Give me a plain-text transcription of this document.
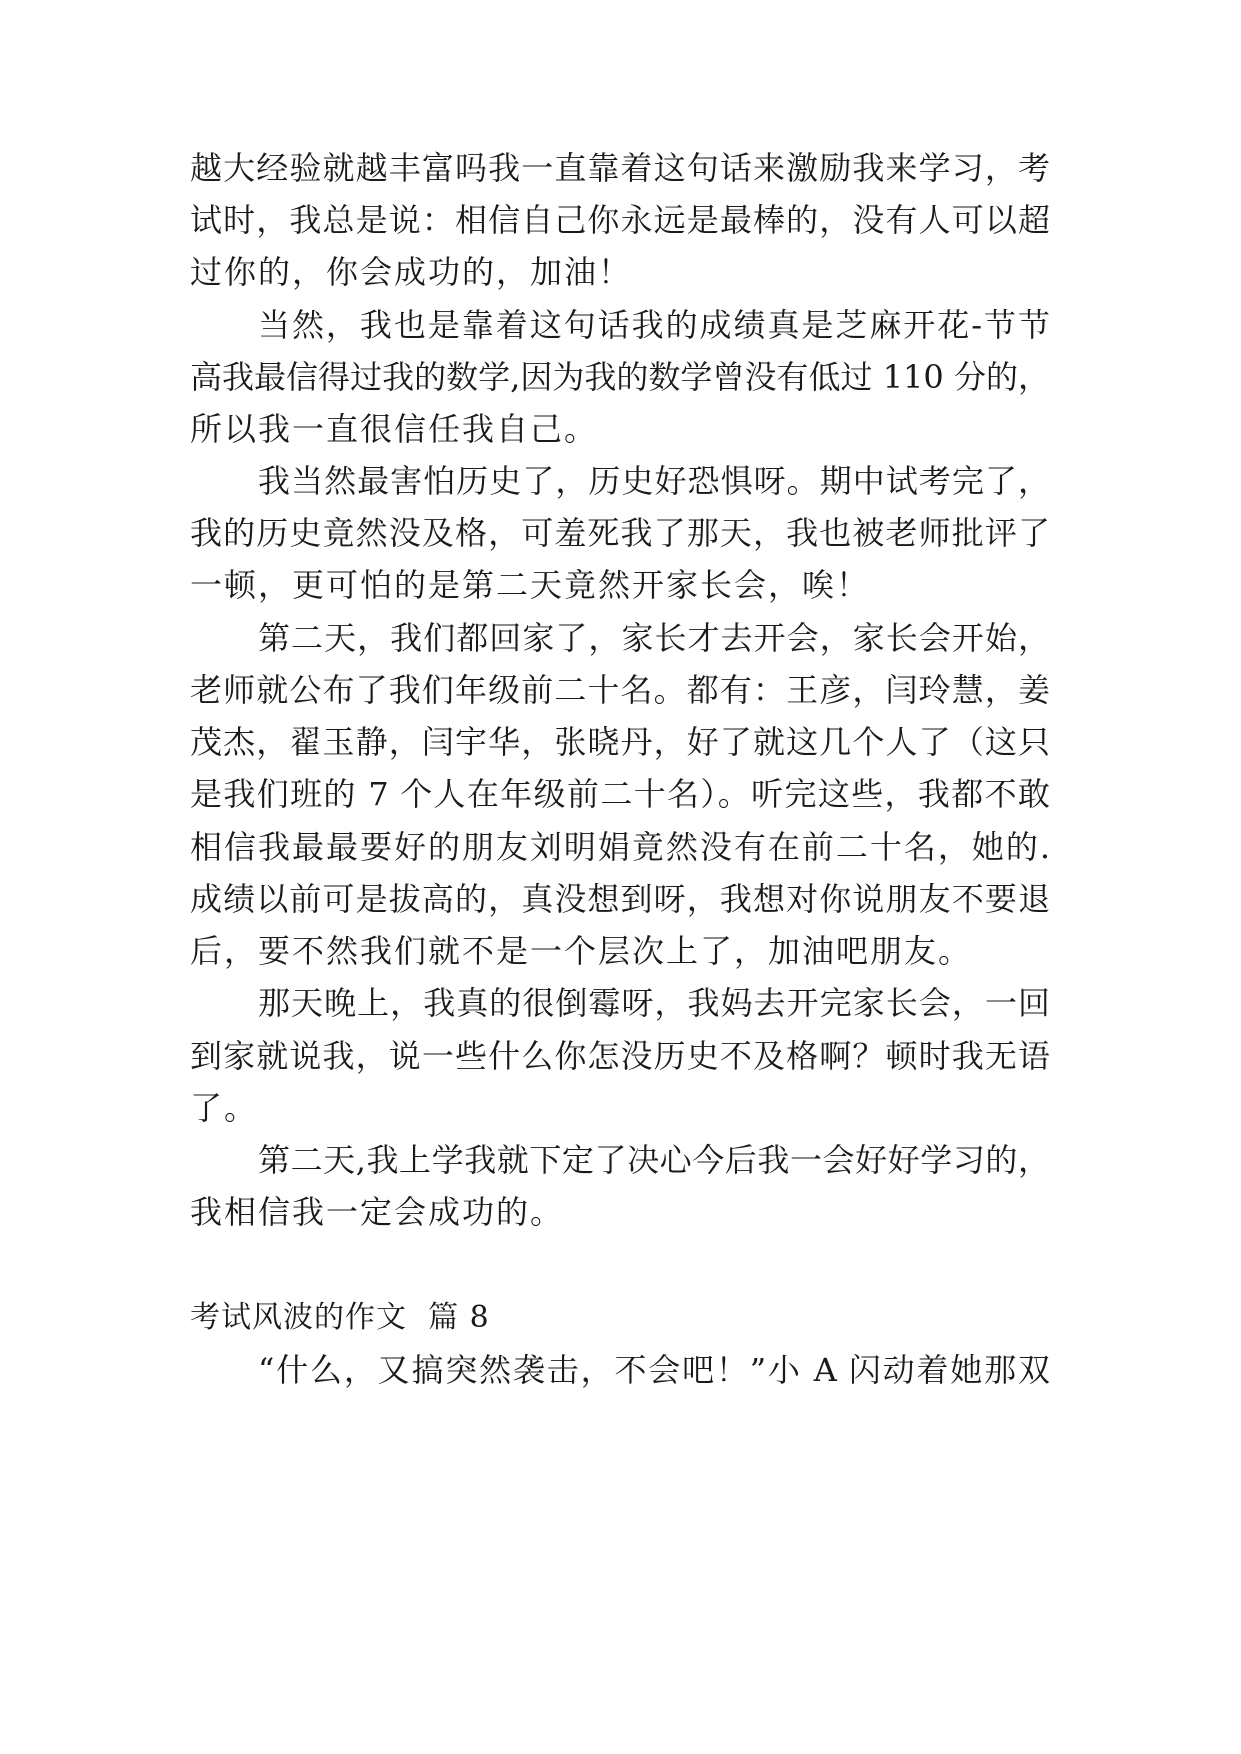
越大经验就越丰富吗我一直靠着这句话来激励我来学习，考
试时，我总是说：相信自己你永远是最棒的，没有人可以超
过你的，你会成功的，加油！
当然，我也是靠着这句话我的成绩真是芝麻开花-节节
高我最信得过我的数学,因为我的数学曾没有低过 110 分的，
所以我一直很信任我自己。
我当然最害怕历史了，历史好恐惧呀。期中试考完了，
我的历史竟然没及格，可羞死我了那天，我也被老师批评了
一顿，更可怕的是第二天竟然开家长会，唉！
第二天，我们都回家了，家长才去开会，家长会开始，
老师就公布了我们年级前二十名。都有：王彦，闫玲慧，姜
茂杰，翟玉静，闫宇华，张晓丹，好了就这几个人了（这只
是我们班的 7 个人在年级前二十名）。听完这些，我都不敢
相信我最最要好的朋友刘明娟竟然没有在前二十名，她的.
成绩以前可是拔高的，真没想到呀，我想对你说朋友不要退
后，要不然我们就不是一个层次上了，加油吧朋友。
那天晚上，我真的很倒霉呀，我妈去开完家长会，一回
到家就说我，说一些什么你怎没历史不及格啊？顿时我无语
了。
第二天,我上学我就下定了决心今后我一会好好学习的，
我相信我一定会成功的。
考试风波的作文  篇 8
“什么，又搞突然袭击，不会吧！”小 A 闪动着她那双
